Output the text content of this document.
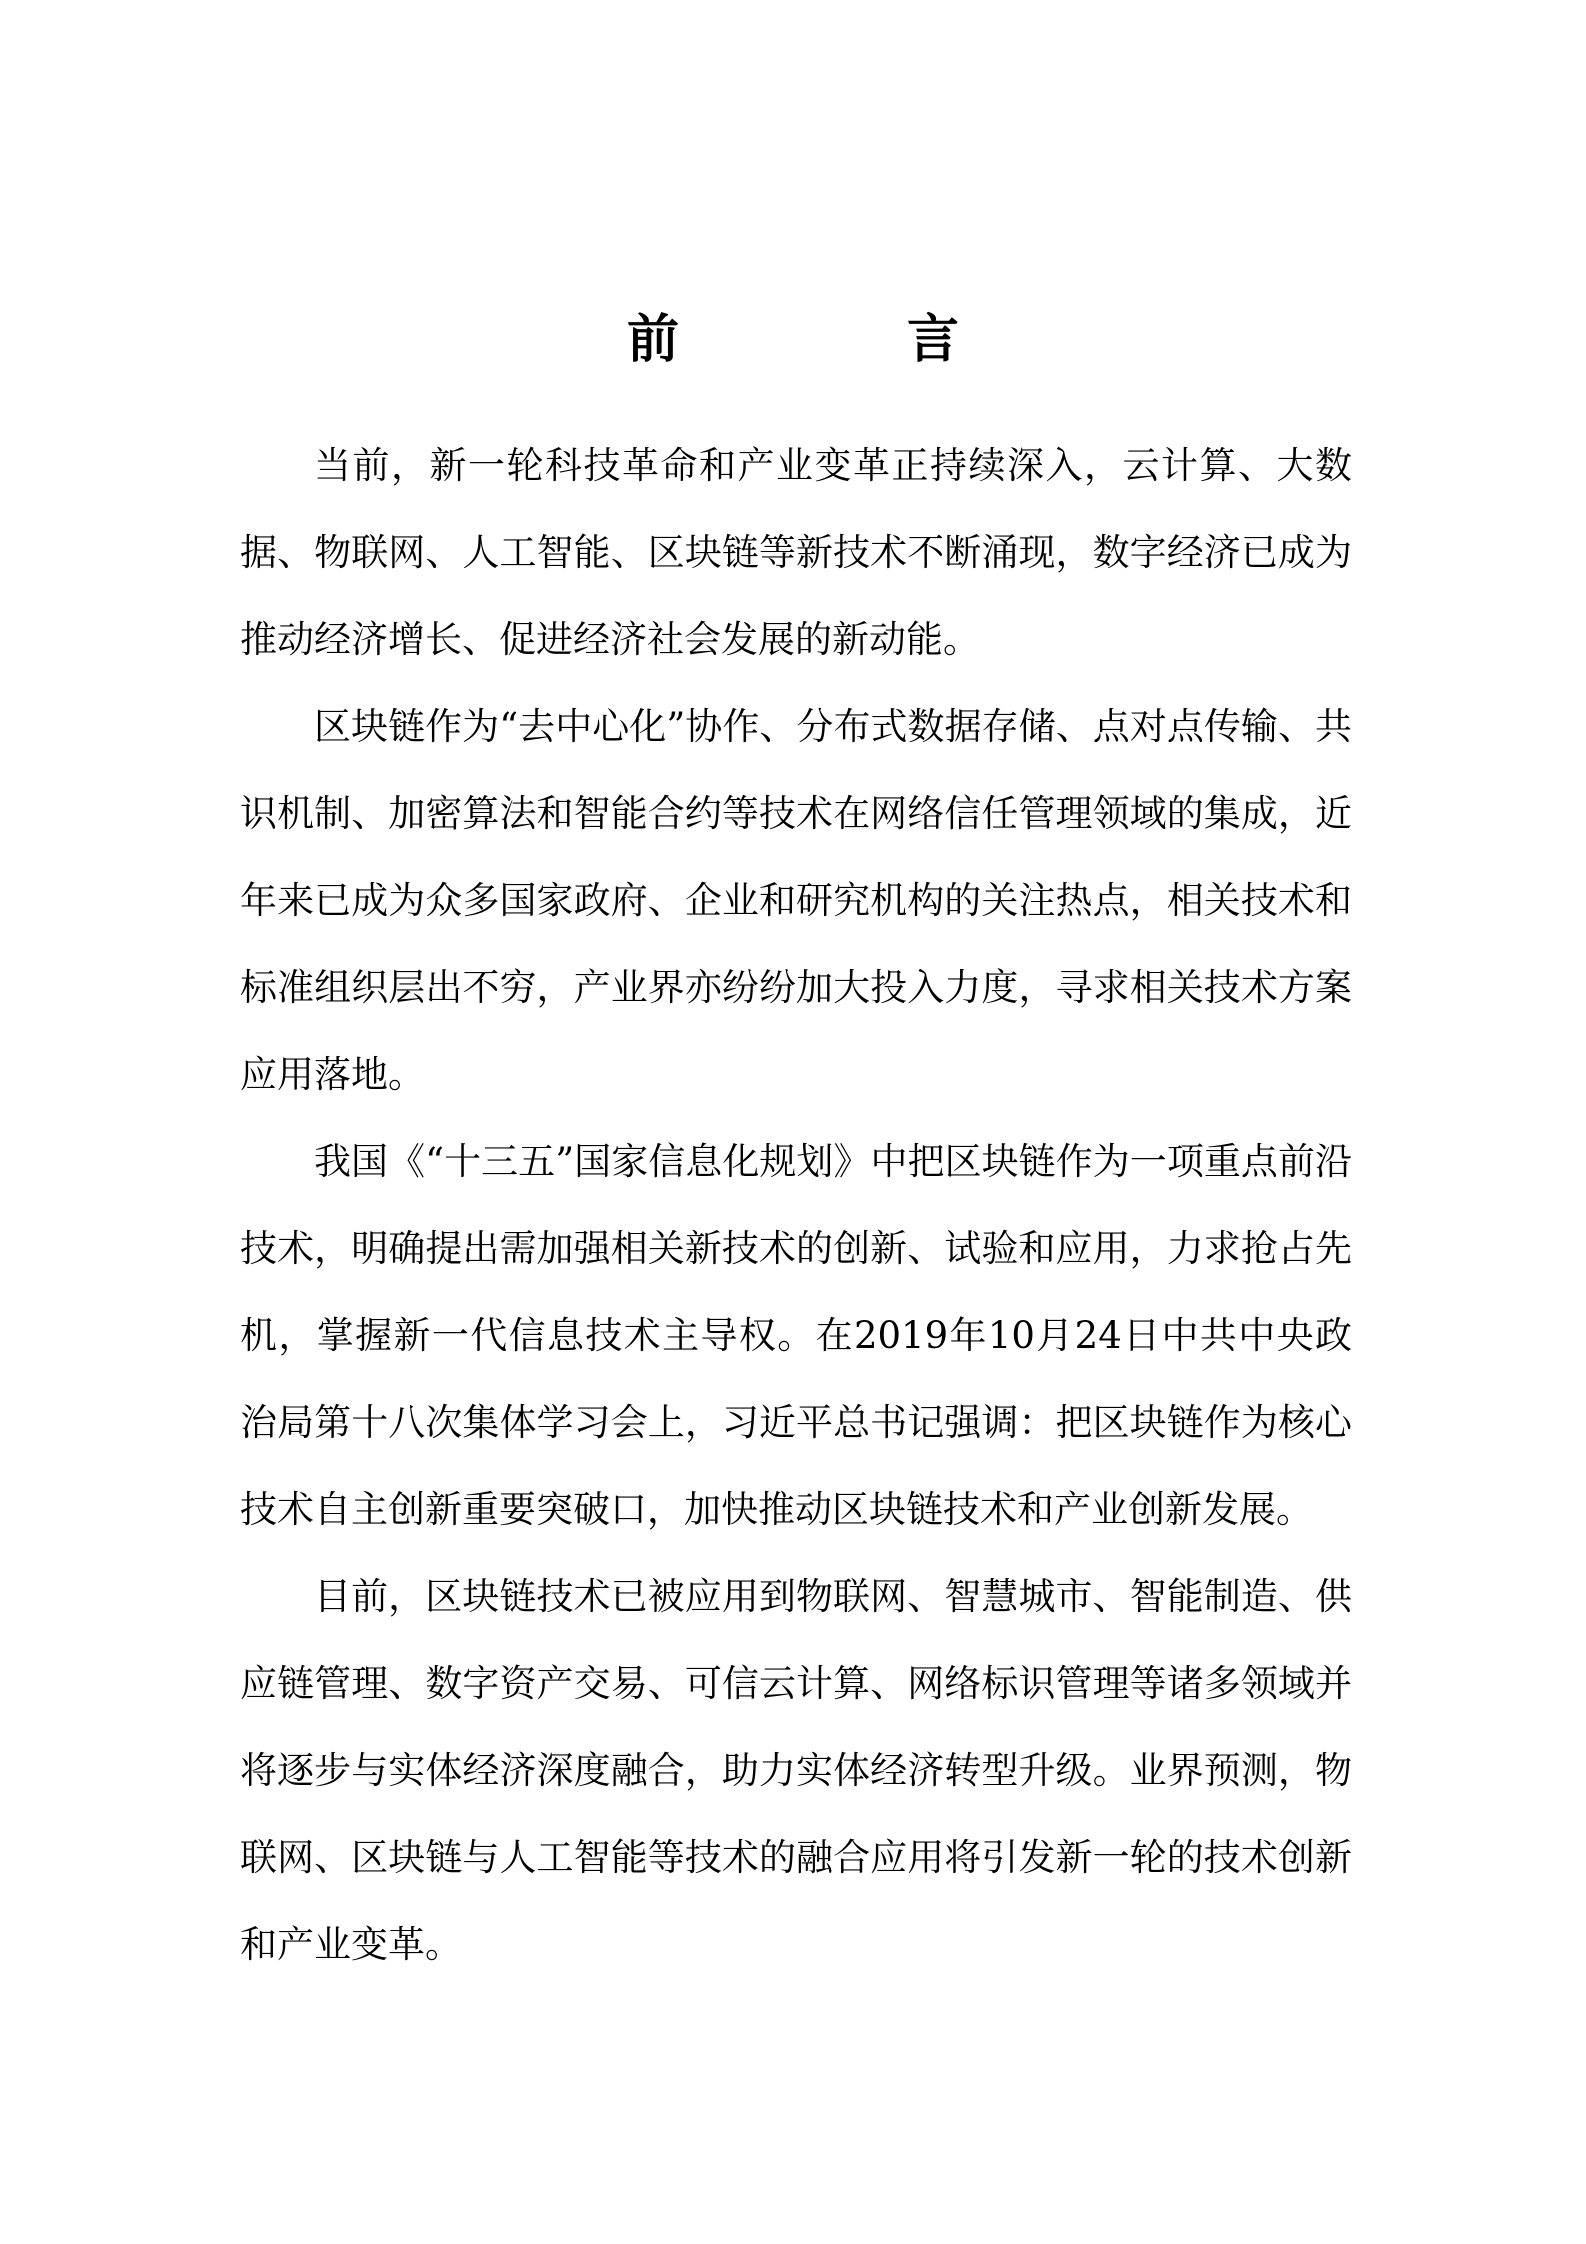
前 言

当前，新一轮科技革命和产业变革正持续深入，云计算、大数据、物联网、人工智能、区块链等新技术不断涌现，数字经济已成为推动经济增长、促进经济社会发展的新动能。

区块链作为“去中心化”协作、分布式数据存储、点对点传输、共识机制、加密算法和智能合约等技术在网络信任管理领域的集成，近年来已成为众多国家政府、企业和研究机构的关注热点，相关技术和标准组织层出不穷，产业界亦纷纷加大投入力度，寻求相关技术方案应用落地。

我国《“十三五”国家信息化规划》中把区块链作为一项重点前沿技术，明确提出需加强相关新技术的创新、试验和应用，力求抢占先机，掌握新一代信息技术主导权。在2019年10月24日中共中央政治局第十八次集体学习会上，习近平总书记强调：把区块链作为核心技术自主创新重要突破口，加快推动区块链技术和产业创新发展。

目前，区块链技术已被应用到物联网、智慧城市、智能制造、供应链管理、数字资产交易、可信云计算、网络标识管理等诸多领域并将逐步与实体经济深度融合，助力实体经济转型升级。业界预测，物联网、区块链与人工智能等技术的融合应用将引发新一轮的技术创新和产业变革。
